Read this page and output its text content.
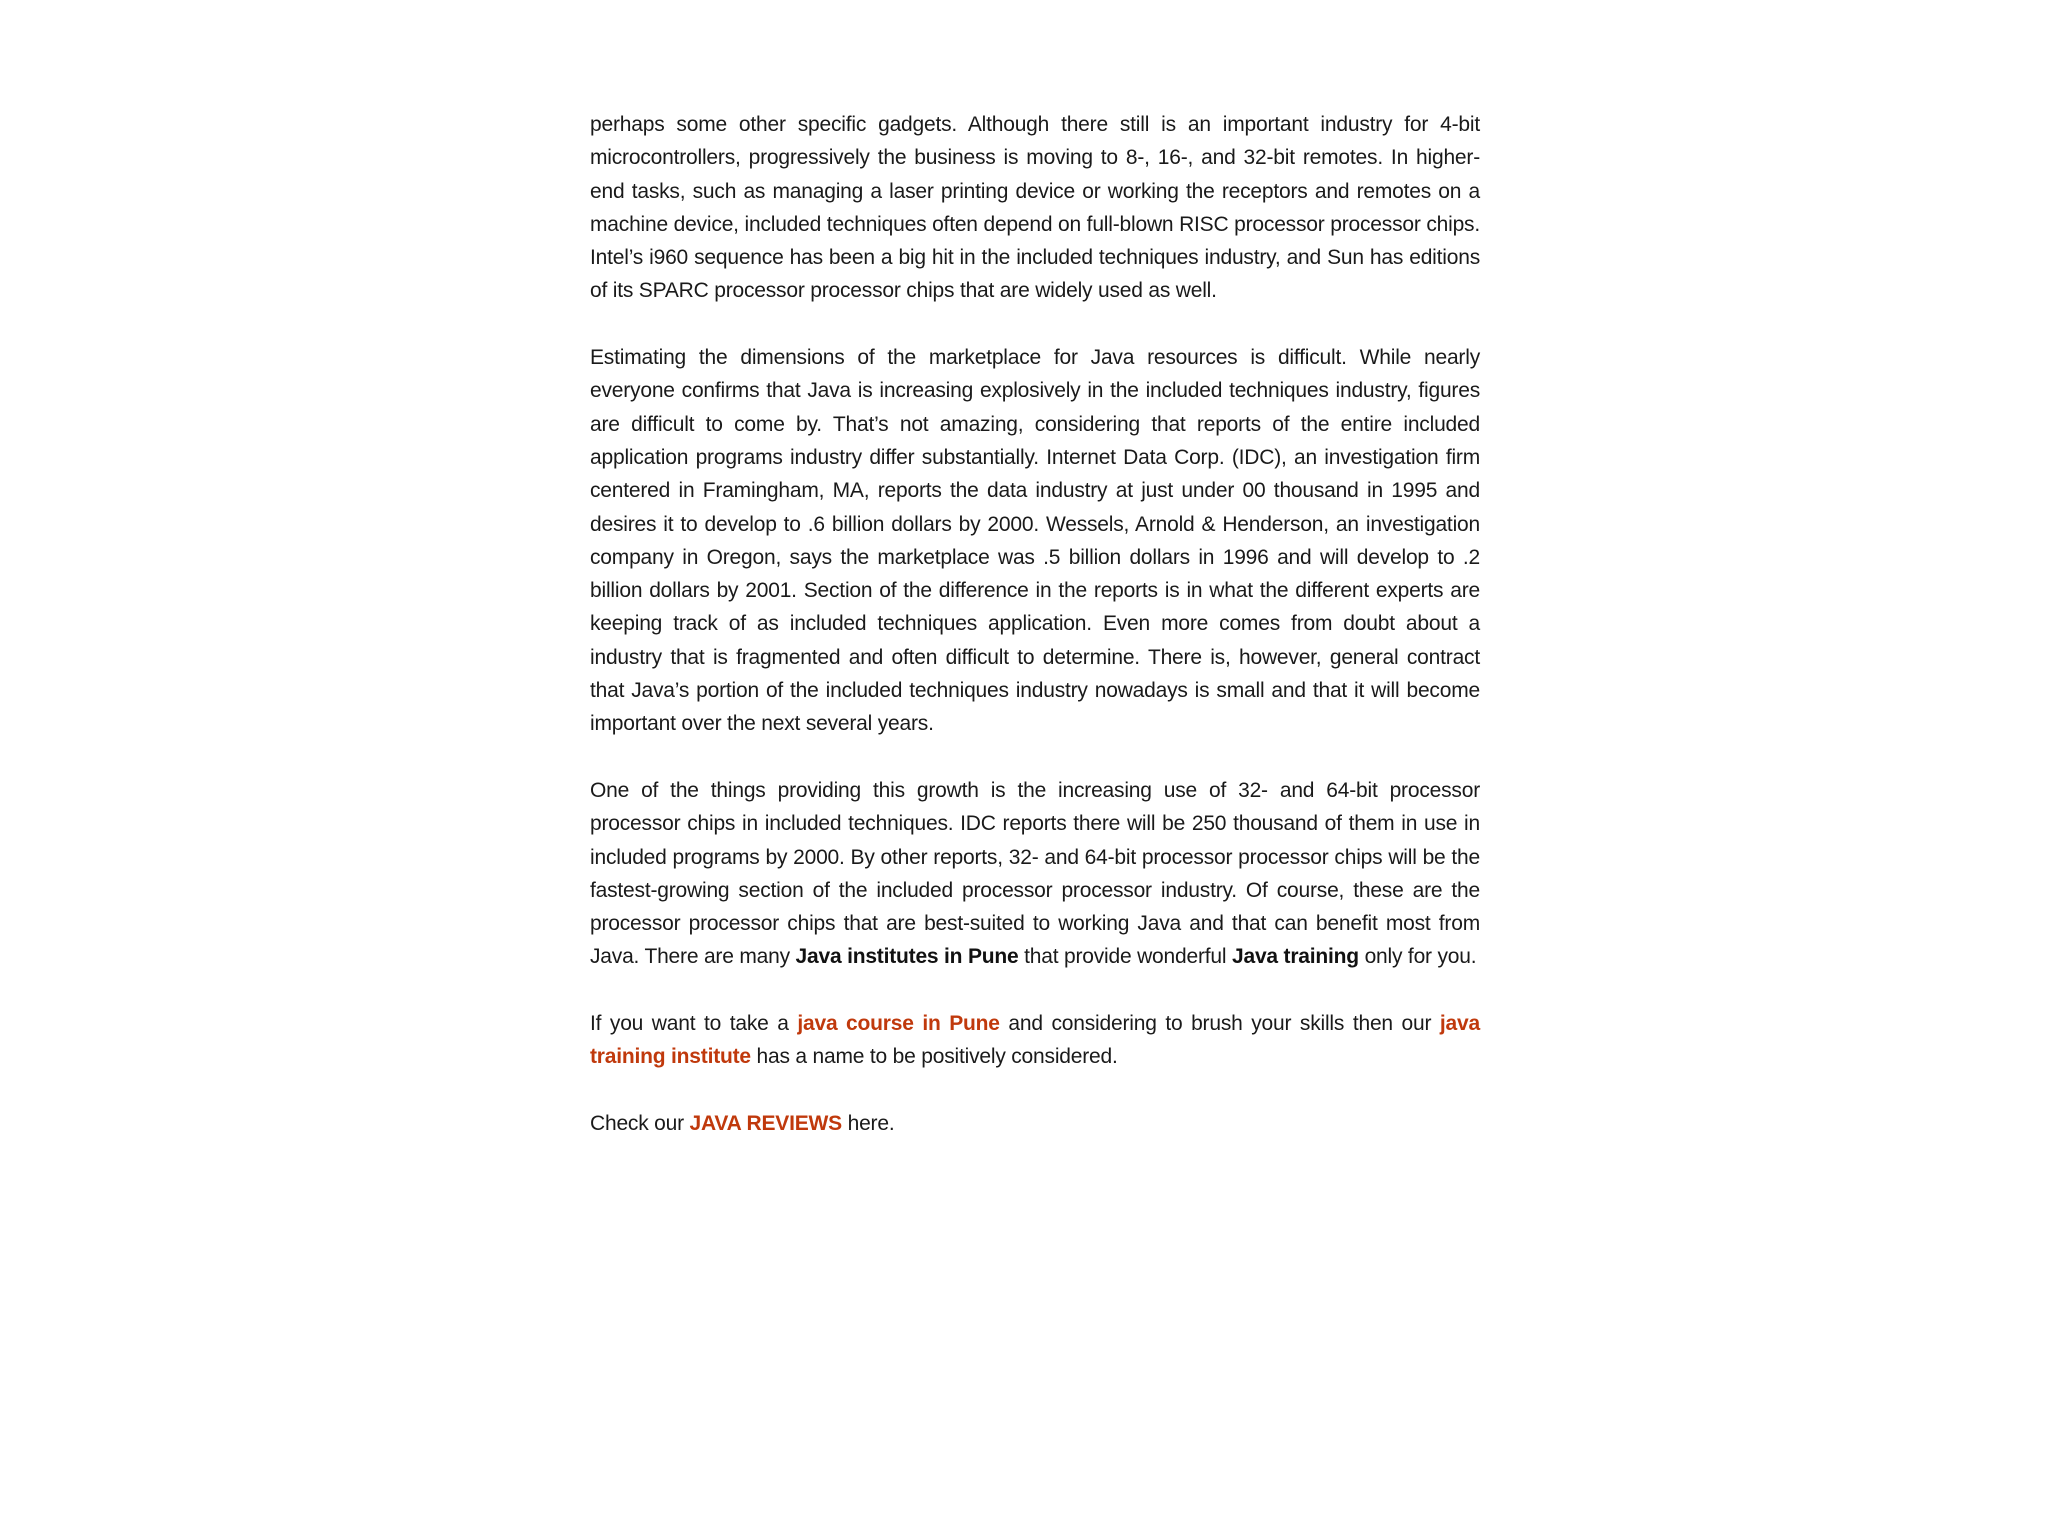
perhaps some other specific gadgets. Although there still is an important industry for 4-bit microcontrollers, progressively the business is moving to 8-, 16-, and 32-bit remotes. In higher-end tasks, such as managing a laser printing device or working the receptors and remotes on a machine device, included techniques often depend on full-blown RISC processor processor chips. Intel’s i960 sequence has been a big hit in the included techniques industry, and Sun has editions of its SPARC processor processor chips that are widely used as well.

Estimating the dimensions of the marketplace for Java resources is difficult. While nearly everyone confirms that Java is increasing explosively in the included techniques industry, figures are difficult to come by. That’s not amazing, considering that reports of the entire included application programs industry differ substantially. Internet Data Corp. (IDC), an investigation firm centered in Framingham, MA, reports the data industry at just under 00 thousand in 1995 and desires it to develop to .6 billion dollars by 2000. Wessels, Arnold & Henderson, an investigation company in Oregon, says the marketplace was .5 billion dollars in 1996 and will develop to .2 billion dollars by 2001. Section of the difference in the reports is in what the different experts are keeping track of as included techniques application. Even more comes from doubt about a industry that is fragmented and often difficult to determine. There is, however, general contract that Java’s portion of the included techniques industry nowadays is small and that it will become important over the next several years.

One of the things providing this growth is the increasing use of 32- and 64-bit processor processor chips in included techniques. IDC reports there will be 250 thousand of them in use in included programs by 2000. By other reports, 32- and 64-bit processor processor chips will be the fastest-growing section of the included processor processor industry. Of course, these are the processor processor chips that are best-suited to working Java and that can benefit most from Java. There are many Java institutes in Pune that provide wonderful Java training only for you.

If you want to take a java course in Pune and considering to brush your skills then our java training institute has a name to be positively considered.

Check our JAVA REVIEWS here.
